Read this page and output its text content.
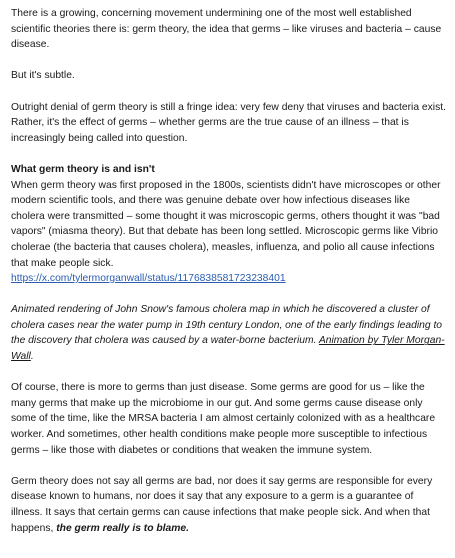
There is a growing, concerning movement undermining one of the most well established scientific theories there is: germ theory, the idea that germs – like viruses and bacteria – cause disease.

But it's subtle.

Outright denial of germ theory is still a fringe idea: very few deny that viruses and bacteria exist. Rather, it's the effect of germs – whether germs are the true cause of an illness – that is increasingly being called into question.

What germ theory is and isn't
When germ theory was first proposed in the 1800s, scientists didn't have microscopes or other modern scientific tools, and there was genuine debate over how infectious diseases like cholera were transmitted – some thought it was microscopic germs, others thought it was "bad vapors" (miasma theory). But that debate has been long settled. Microscopic germs like Vibrio cholerae (the bacteria that causes cholera), measles, influenza, and polio all cause infections that make people sick.
https://x.com/tylermorganwall/status/1176838581723238401

Animated rendering of John Snow's famous cholera map in which he discovered a cluster of cholera cases near the water pump in 19th century London, one of the early findings leading to the discovery that cholera was caused by a water-borne bacterium. Animation by Tyler Morgan-Wall.

Of course, there is more to germs than just disease. Some germs are good for us – like the many germs that make up the microbiome in our gut. And some germs cause disease only some of the time, like the MRSA bacteria I am almost certainly colonized with as a healthcare worker. And sometimes, other health conditions make people more susceptible to infectious germs – like those with diabetes or conditions that weaken the immune system.

Germ theory does not say all germs are bad, nor does it say germs are responsible for every disease known to humans, nor does it say that any exposure to a germ is a guarantee of illness. It says that certain germs can cause infections that make people sick. And when that happens, the germ really is to blame.
